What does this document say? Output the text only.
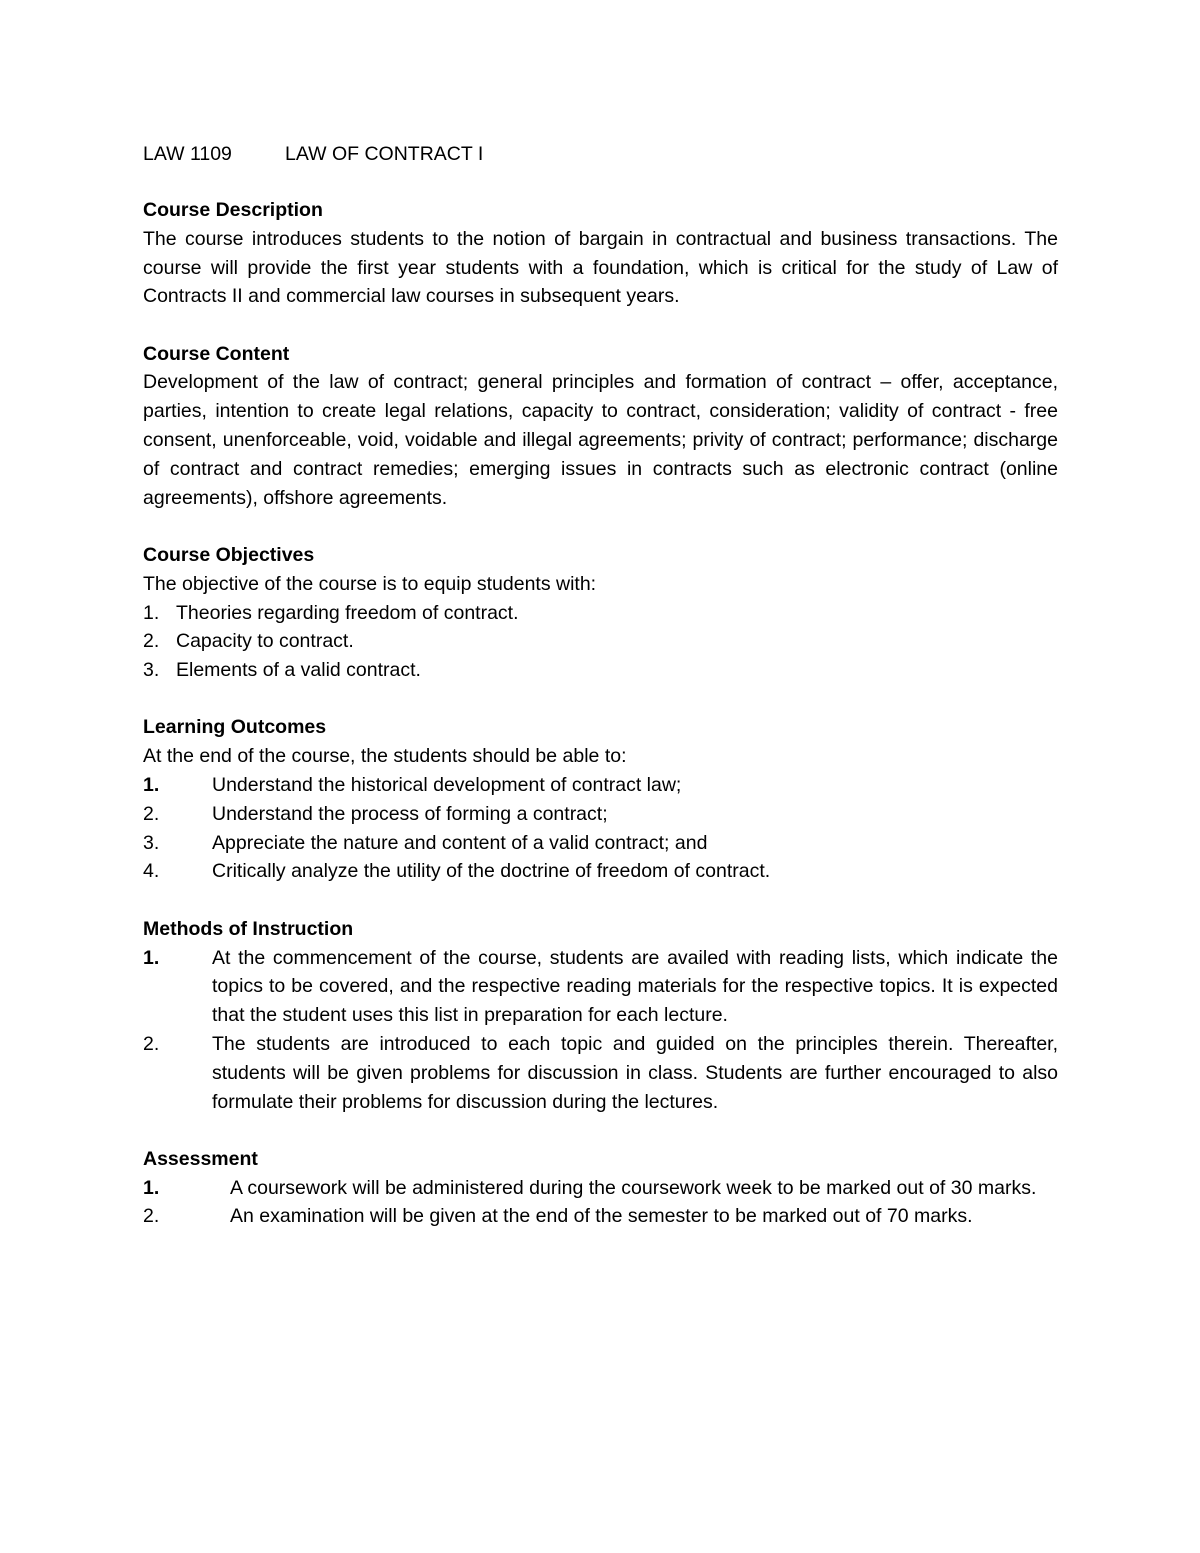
LAW 1109	LAW OF CONTRACT I
Course Description

The course introduces students to the notion of bargain in contractual and business transactions. The course will provide the first year students with a foundation, which is critical for the study of Law of Contracts II and commercial law courses in subsequent years.

Course Content

Development of the law of contract; general principles and formation of contract – offer, acceptance, parties, intention to create legal relations, capacity to contract, consideration; validity of contract - free consent, unenforceable, void, voidable and illegal agreements; privity of contract; performance; discharge of contract and contract remedies; emerging issues in contracts such as electronic contract (online agreements), offshore agreements.

Course Objectives
The objective of the course is to equip students with:
1. Theories regarding freedom of contract.
2. Capacity to contract.
3. Elements of a valid contract.
Learning Outcomes
At the end of the course, the students should be able to:
1.	Understand the historical development of contract law;
2.	Understand the process of forming a contract;
3.	Appreciate the nature and content of a valid contract; and
4.	Critically analyze the utility of the doctrine of freedom of contract.
Methods of Instruction
1.	At the commencement of the course, students are availed with reading lists, which indicate the topics to be covered, and the respective reading materials for the respective topics. It is expected that the student uses this list in preparation for each lecture.
2.	The students are introduced to each topic and guided on the principles therein. Thereafter, students will be given problems for discussion in class. Students are further encouraged to also formulate their problems for discussion during the lectures.
Assessment
1.	A coursework will be administered during the coursework week to be marked out of 30 marks.
2.	An examination will be given at the end of the semester to be marked out of 70 marks.
